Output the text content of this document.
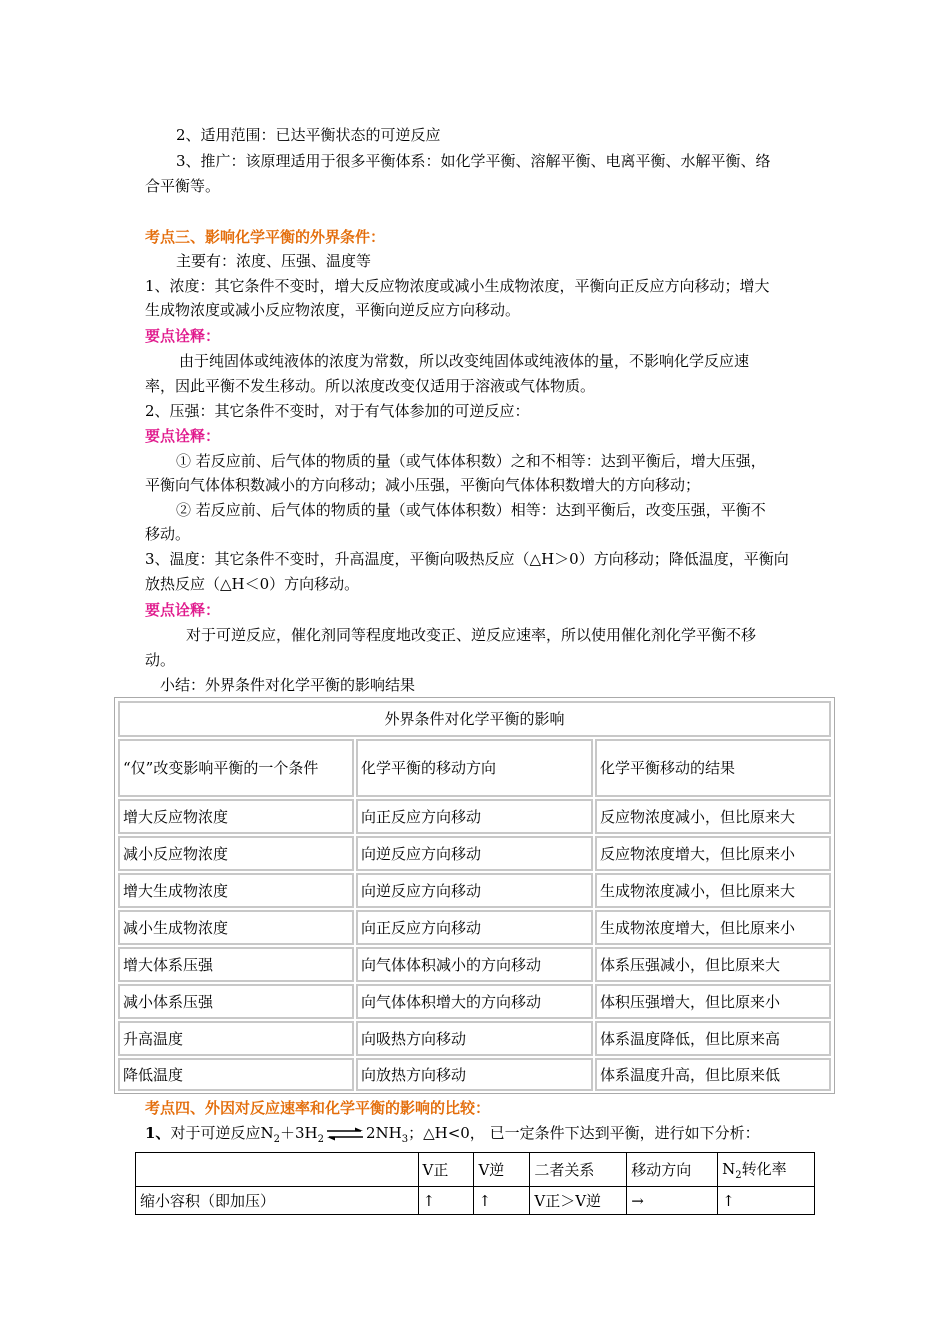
2、适用范围：已达平衡状态的可逆反应
3、推广：该原理适用于很多平衡体系：如化学平衡、溶解平衡、电离平衡、水解平衡、络
合平衡等。
考点三、影响化学平衡的外界条件：
主要有：浓度、压强、温度等
1、浓度：其它条件不变时，增大反应物浓度或减小生成物浓度，平衡向正反应方向移动；增大
生成物浓度或减小反应物浓度，平衡向逆反应方向移动。
要点诠释：
由于纯固体或纯液体的浓度为常数，所以改变纯固体或纯液体的量，不影响化学反应速
率，因此平衡不发生移动。所以浓度改变仅适用于溶液或气体物质。
2、压强：其它条件不变时，对于有气体参加的可逆反应：
要点诠释：
① 若反应前、后气体的物质的量（或气体体积数）之和不相等：达到平衡后，增大压强，
平衡向气体体积数减小的方向移动；减小压强，平衡向气体体积数增大的方向移动；
② 若反应前、后气体的物质的量（或气体体积数）相等：达到平衡后，改变压强，平衡不
移动。
3、温度：其它条件不变时，升高温度，平衡向吸热反应（△H＞0）方向移动；降低温度，平衡向
放热反应（△H＜0）方向移动。
要点诠释：
对于可逆反应，催化剂同等程度地改变正、逆反应速率，所以使用催化剂化学平衡不移
动。
小结：外界条件对化学平衡的影响结果
外界条件对化学平衡的影响
“仅”改变影响平衡的一个条件	化学平衡的移动方向	化学平衡移动的结果
增大反应物浓度	向正反应方向移动	反应物浓度减小，但比原来大
减小反应物浓度	向逆反应方向移动	反应物浓度增大，但比原来小
增大生成物浓度	向逆反应方向移动	生成物浓度减小，但比原来大
减小生成物浓度	向正反应方向移动	生成物浓度增大，但比原来小
增大体系压强	向气体体积减小的方向移动	体系压强减小，但比原来大
减小体系压强	向气体体积增大的方向移动	体积压强增大，但比原来小
升高温度	向吸热方向移动	体系温度降低，但比原来高
降低温度	向放热方向移动	体系温度升高，但比原来低
考点四、外因对反应速率和化学平衡的影响的比较：
1、对于可逆反应$N_2+3H_2$ ⇌ $2NH_3$；△H<0， 已一定条件下达到平衡，进行如下分析：
	V正	V逆	二者关系	移动方向	$N_2$转化率
缩小容积（即加压）	↑	↑	V正＞V逆	→	↑
